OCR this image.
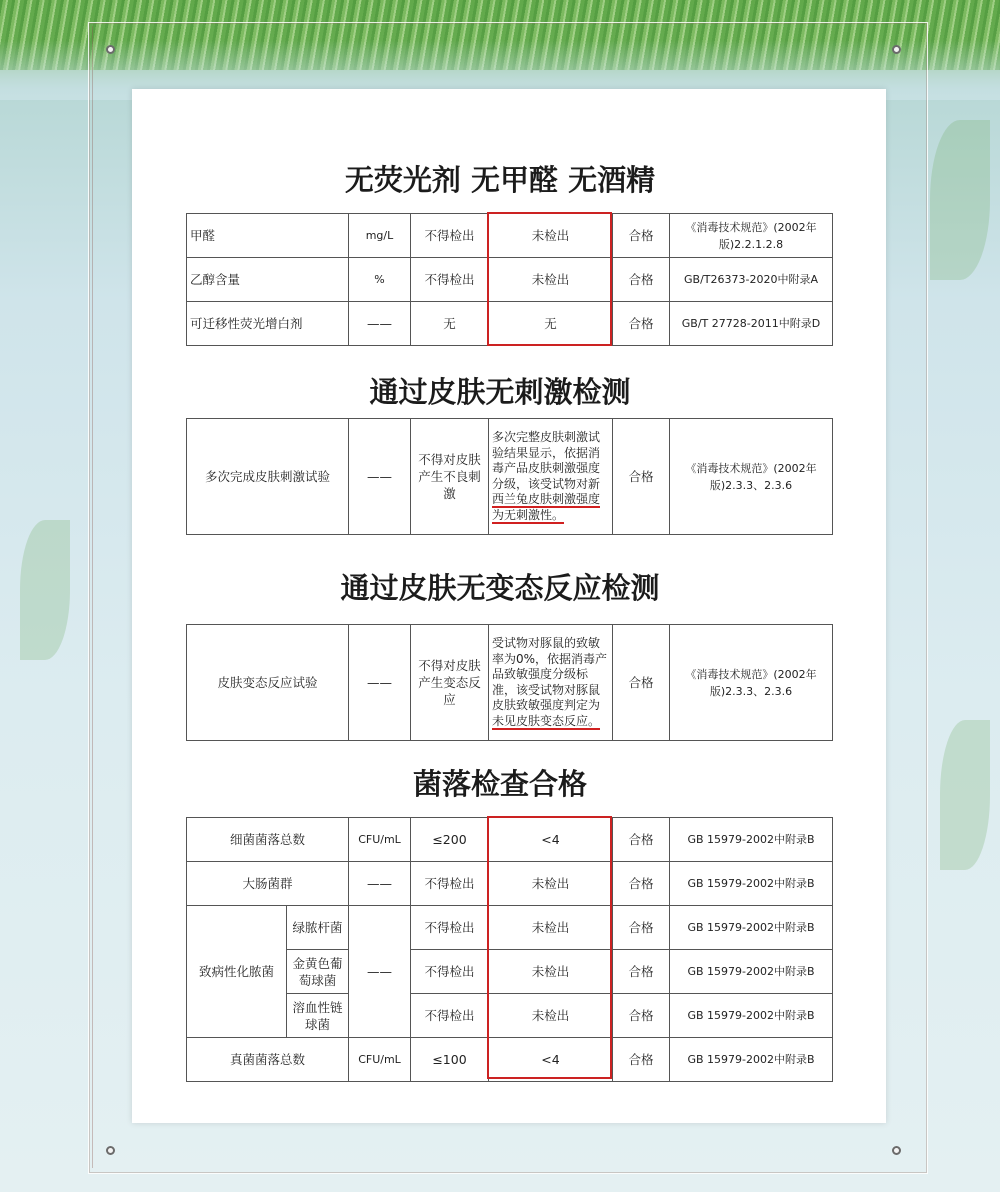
无荧光剂 无甲醛 无酒精
甲醛	mg/L	不得检出	未检出	合格	《消毒技术规范》(2002年版)2.2.1.2.8
乙醇含量	%	不得检出	未检出	合格	GB/T26373-2020中附录A
可迁移性荧光增白剂	——	无	无	合格	GB/T 27728-2011中附录D
通过皮肤无刺激检测
多次完成皮肤刺激试验	——	不得对皮肤产生不良刺激	多次完整皮肤刺激试验结果显示，依据消毒产品皮肤刺激强度分级，该受试物对新西兰兔皮肤刺激强度为无刺激性。	合格	《消毒技术规范》(2002年版)2.3.3、2.3.6
通过皮肤无变态反应检测
皮肤变态反应试验	——	不得对皮肤产生变态反应	受试物对豚鼠的致敏率为0%，依据消毒产品致敏强度分级标准，该受试物对豚鼠皮肤致敏强度判定为未见皮肤变态反应。	合格	《消毒技术规范》(2002年版)2.3.3、2.3.6
菌落检查合格
细菌菌落总数		CFU/mL	≤200	<4	合格	GB 15979-2002中附录B
大肠菌群		——	不得检出	未检出	合格	GB 15979-2002中附录B
致病性化脓菌	绿脓杆菌	——	不得检出	未检出	合格	GB 15979-2002中附录B
	金黄色葡萄球菌		不得检出	未检出	合格	GB 15979-2002中附录B
	溶血性链球菌		不得检出	未检出	合格	GB 15979-2002中附录B
真菌菌落总数		CFU/mL	≤100	<4	合格	GB 15979-2002中附录B
